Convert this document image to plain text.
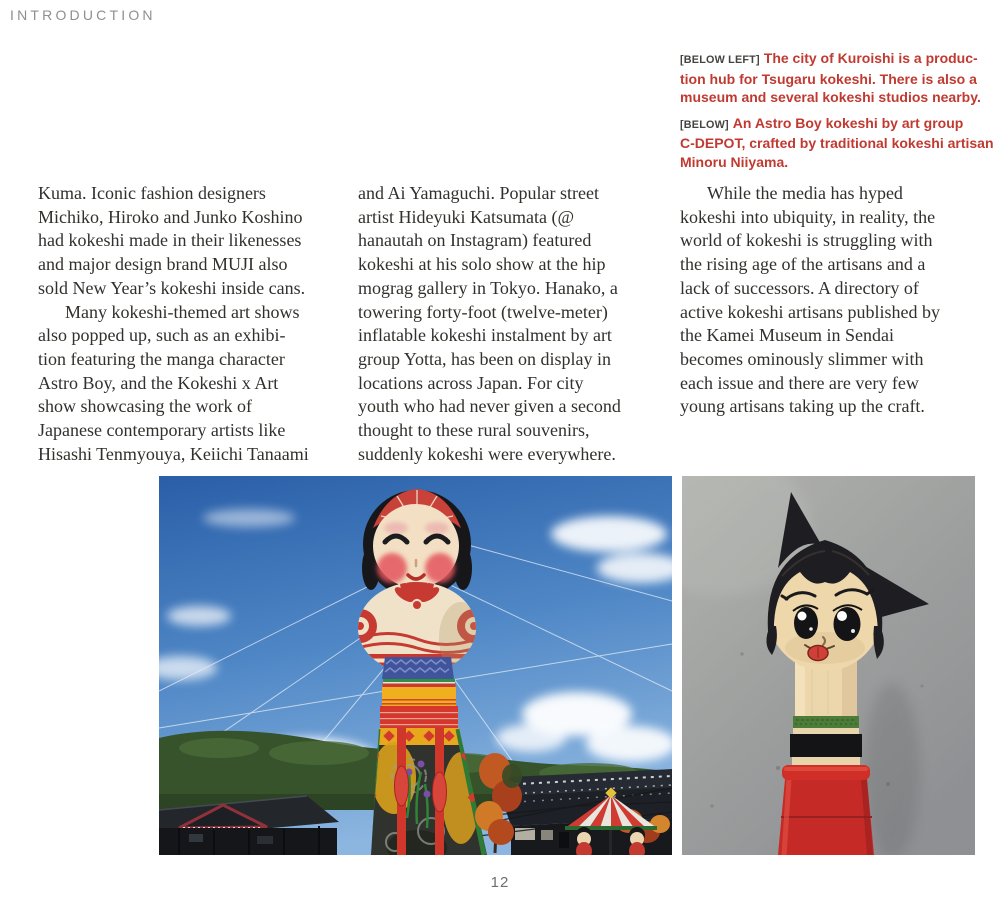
INTRODUCTION
[BELOW LEFT] The city of Kuroishi is a produc-
tion hub for Tsugaru kokeshi. There is also a
museum and several kokeshi studios nearby.
[BELOW] An Astro Boy kokeshi by art group
C-DEPOT, crafted by traditional kokeshi artisan
Minoru Niiyama.
Kuma. Iconic fashion designers
Michiko, Hiroko and Junko Koshino
had kokeshi made in their likenesses
and major design brand MUJI also
sold New Year’s kokeshi inside cans.
Many kokeshi-themed art shows
also popped up, such as an exhibi-
tion featuring the manga character
Astro Boy, and the Kokeshi x Art
show showcasing the work of
Japanese contemporary artists like
Hisashi Tenmyouya, Keiichi Tanaami
and Ai Yamaguchi. Popular street
artist Hideyuki Katsumata (@
hanautah on Instagram) featured
kokeshi at his solo show at the hip
mograg gallery in Tokyo. Hanako, a
towering forty-foot (twelve-meter)
inflatable kokeshi instalment by art
group Yotta, has been on display in
locations across Japan. For city
youth who had never given a second
thought to these rural souvenirs,
suddenly kokeshi were everywhere.
While the media has hyped
kokeshi into ubiquity, in reality, the
world of kokeshi is struggling with
the rising age of the artisans and a
lack of successors. A directory of
active kokeshi artisans published by
the Kamei Museum in Sendai
becomes ominously slimmer with
each issue and there are very few
young artisans taking up the craft.
12
